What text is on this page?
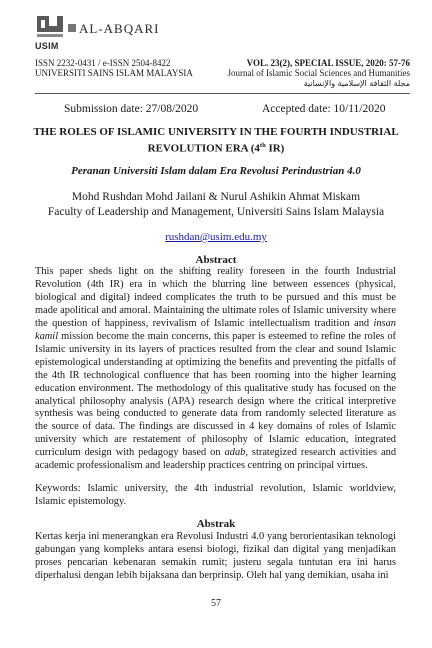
USIM
AL-ABQARI
ISSN 2232-0431 / e-ISSN 2504-8422
UNIVERSITI SAINS ISLAM MALAYSIA
VOL. 23(2), SPECIAL ISSUE, 2020: 57-76
Journal of Islamic Social Sciences and Humanities
مجلة الثقافة الإسلامية والإنسانية
Submission date: 27/08/2020	Accepted date: 10/11/2020
THE ROLES OF ISLAMIC UNIVERSITY IN THE FOURTH INDUSTRIAL REVOLUTION ERA (4th IR)
Peranan Universiti Islam dalam Era Revolusi Perindustrian 4.0
Mohd Rushdan Mohd Jailani & Nurul Ashikin Ahmat Miskam
Faculty of Leadership and Management, Universiti Sains Islam Malaysia
rushdan@usim.edu.my
Abstract
This paper sheds light on the shifting reality foreseen in the fourth Industrial Revolution (4th IR) era in which the blurring line between essences (physical, biological and digital) indeed complicates the truth to be pursued and this must be made apolitical and amoral. Maintaining the ultimate roles of Islamic university where the question of happiness, revivalism of Islamic intellectualism tradition and insan kamil mission become the main concerns, this paper is esteemed to refine the roles of Islamic university in its layers of practices resulted from the clear and sound Islamic epistemological understanding at optimizing the benefits and preventing the pitfalls of the 4th IR technological confluence that has been rooming into the higher learning education environment. The methodology of this qualitative study has focused on the analytical philosophy analysis (APA) research design where the critical interpretive synthesis was being conducted to generate data from randomly selected literature as the source of data. The findings are discussed in 4 key domains of roles of Islamic university which are restatement of philosophy of Islamic education, integrated curriculum design with pedagogy based on adab, strategized research activities and academic professionalism and leadership practices centring on principal virtues.
Keywords: Islamic university, the 4th industrial revolution, Islamic worldview, Islamic epistemology.
Abstrak
Kertas kerja ini menerangkan era Revolusi Industri 4.0 yang berorientasikan teknologi gabungan yang kompleks antara esensi biologi, fizikal dan digital yang menjadikan proses pencarian kebenaran semakin rumit; justeru segala tuntutan era ini harus diperhalusi dengan lebih bijaksana dan berprinsip. Oleh hal yang demikian, usaha ini
57
